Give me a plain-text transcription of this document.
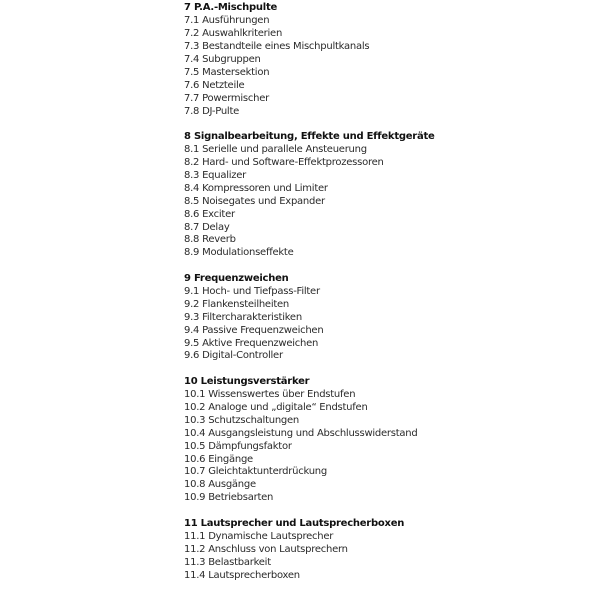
7 P.A.-Mischpulte
7.1 Ausführungen
7.2 Auswahlkriterien
7.3 Bestandteile eines Mischpultkanals
7.4 Subgruppen
7.5 Mastersektion
7.6 Netzteile
7.7 Powermischer
7.8 DJ-Pulte
8 Signalbearbeitung, Effekte und Effektgeräte
8.1 Serielle und parallele Ansteuerung
8.2 Hard- und Software-Effektprozessoren
8.3 Equalizer
8.4 Kompressoren und Limiter
8.5 Noisegates und Expander
8.6 Exciter
8.7 Delay
8.8 Reverb
8.9 Modulationseffekte
9 Frequenzweichen
9.1 Hoch- und Tiefpass-Filter
9.2 Flankensteilheiten
9.3 Filtercharakteristiken
9.4 Passive Frequenzweichen
9.5 Aktive Frequenzweichen
9.6 Digital-Controller
10 Leistungsverstärker
10.1 Wissenswertes über Endstufen
10.2 Analoge und „digitale“ Endstufen
10.3 Schutzschaltungen
10.4 Ausgangsleistung und Abschlusswiderstand
10.5 Dämpfungsfaktor
10.6 Eingänge
10.7 Gleichtaktunterdrückung
10.8 Ausgänge
10.9 Betriebsarten
11 Lautsprecher und Lautsprecherboxen
11.1 Dynamische Lautsprecher
11.2 Anschluss von Lautsprechern
11.3 Belastbarkeit
11.4 Lautsprecherboxen
